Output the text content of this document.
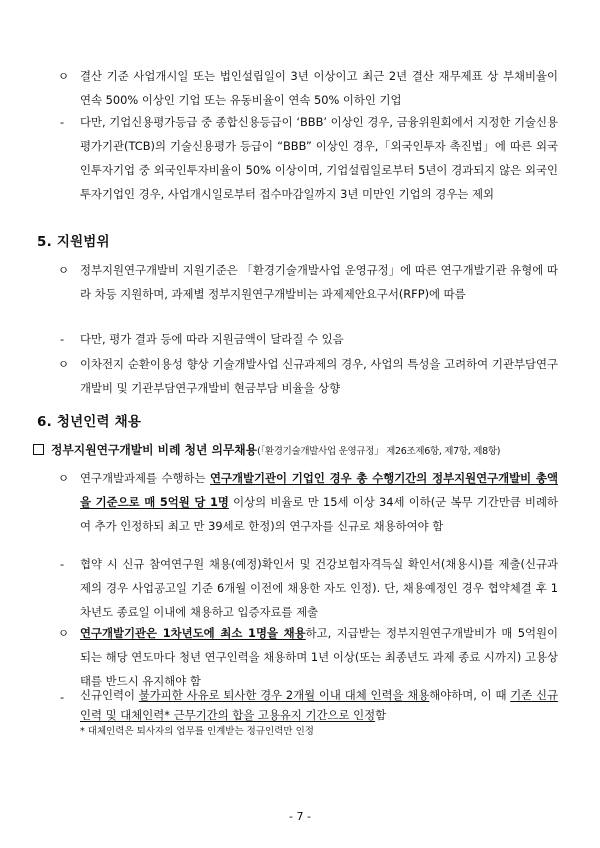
ㅇ 결산 기준 사업개시일 또는 법인설립일이 3년 이상이고 최근 2년 결산 재무제표 상 부채비율이 연속 500% 이상인 기업 또는 유동비율이 연속 50% 이하인 기업

- 다만, 기업신용평가등급 중 종합신용등급이 ‘BBB’ 이상인 경우, 금융위원회에서 지정한 기술신용평가기관(TCB)의 기술신용평가 등급이 “BBB” 이상인 경우,「외국인투자 촉진법」에 따른 외국인투자기업 중 외국인투자비율이 50% 이상이며, 기업설립일로부터 5년이 경과되지 않은 외국인투자기업인 경우, 사업개시일로부터 접수마감일까지 3년 미만인 기업의 경우는 제외

5. 지원범위
ㅇ 정부지원연구개발비 지원기준은 「환경기술개발사업 운영규정」에 따른 연구개발기관 유형에 따라 차등 지원하며, 과제별 정부지원연구개발비는 과제제안요구서(RFP)에 따름

- 다만, 평가 결과 등에 따라 지원금액이 달라질 수 있음

ㅇ 이차전지 순환이용성 향상 기술개발사업 신규과제의 경우, 사업의 특성을 고려하여 기관부담연구개발비 및 기관부담연구개발비 현금부담 비율을 상향

6. 청년인력 채용
정부지원연구개발비 비례 청년 의무채용(「환경기술개발사업 운영규정」 제26조제6항, 제7항, 제8항)
ㅇ 연구개발과제를 수행하는 연구개발기관이 기업인 경우 총 수행기간의 정부지원연구개발비 총액을 기준으로 매 5억원 당 1명 이상의 비율로 만 15세 이상 34세 이하(군 복무 기간만큼 비례하여 추가 인정하되 최고 만 39세로 한정)의 연구자를 신규로 채용하여야 함

- 협약 시 신규 참여연구원 채용(예정)확인서 및 건강보험자격득실 확인서(채용시)를 제출(신규과제의 경우 사업공고일 기준 6개월 이전에 채용한 자도 인정). 단, 채용예정인 경우 협약체결 후 1차년도 종료일 이내에 채용하고 입증자료를 제출

ㅇ 연구개발기관은 1차년도에 최소 1명을 채용하고, 지급받는 정부지원연구개발비가 매 5억원이 되는 해당 연도마다 청년 연구인력을 채용하며 1년 이상(또는 최종년도 과제 종료 시까지) 고용상태를 반드시 유지해야 함

- 신규인력이 불가피한 사유로 퇴사한 경우 2개월 이내 대체 인력을 채용해야하며, 이 때 기존 신규인력 및 대체인력* 근무기간의 합을 고용유지 기간으로 인정함

* 대체인력은 퇴사자의 업무를 인계받는 정규인력만 인정
- 7 -
